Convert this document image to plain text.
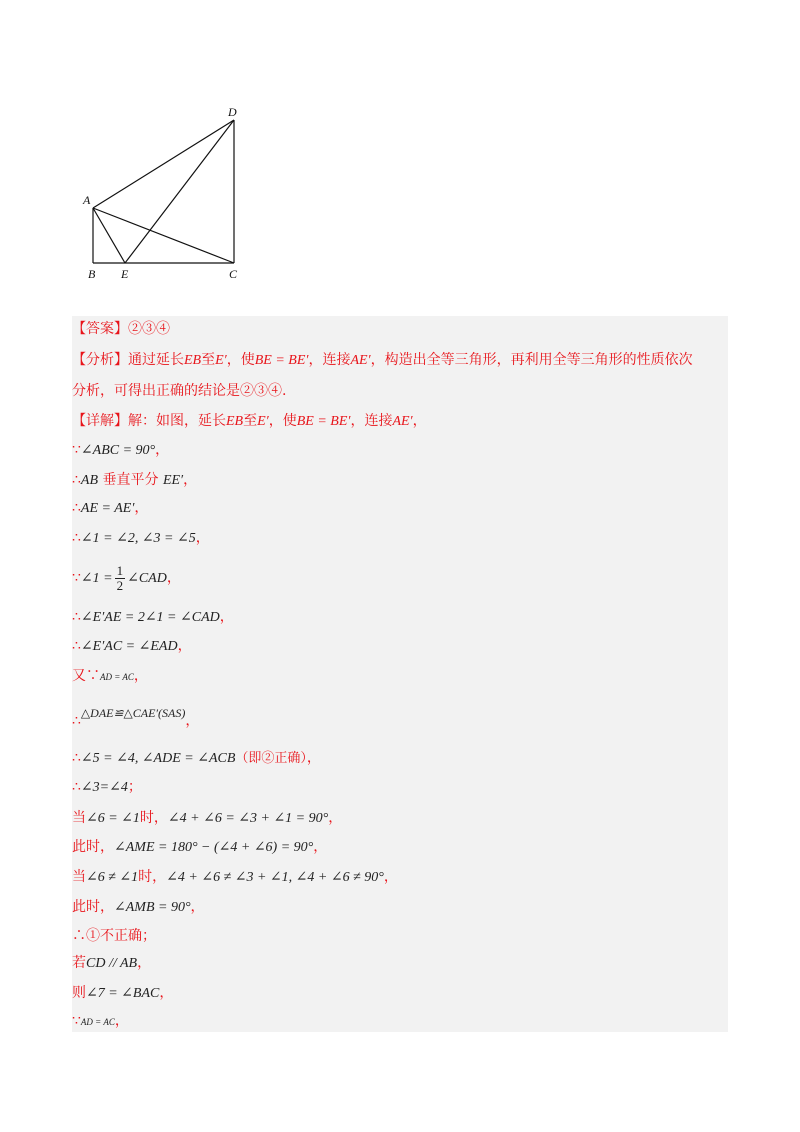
D
A
B E	C
【答案】②③④
【分析】通过延长EB至E′，使BE = BE′，连接AE′，构造出全等三角形，再利用全等三角形的性质依次
分析，可得出正确的结论是②③④.
【详解】解：如图，延长EB至E′，使BE = BE′，连接AE′，
∵∠ABC = 90°，
∴AB 垂直平分 EE′，
∴AE = AE′，
∴∠1 = ∠2, ∠3 = ∠5，
∵∠1 = $\frac{1}{2}$ ∠CAD，
∴∠E′AE = 2∠1 = ∠CAD，
∴∠E′AC = ∠EAD，
又∵AD = AC，
∴△DAE≌△CAE′(SAS)，
∴∠5 = ∠4, ∠ADE = ∠ACB（即②正确），
∴∠3=∠4；
当∠6 = ∠1时，∠4 + ∠6 = ∠3 + ∠1 = 90°，
此时，∠AME = 180° − (∠4 + ∠6) = 90°，
当∠6 ≠ ∠1时，∠4 + ∠6 ≠ ∠3 + ∠1, ∠4 + ∠6 ≠ 90°，
此时，∠AMB = 90°，
∴①不正确；
若CD // AB，
则∠7 = ∠BAC，
∵AD = AC，
